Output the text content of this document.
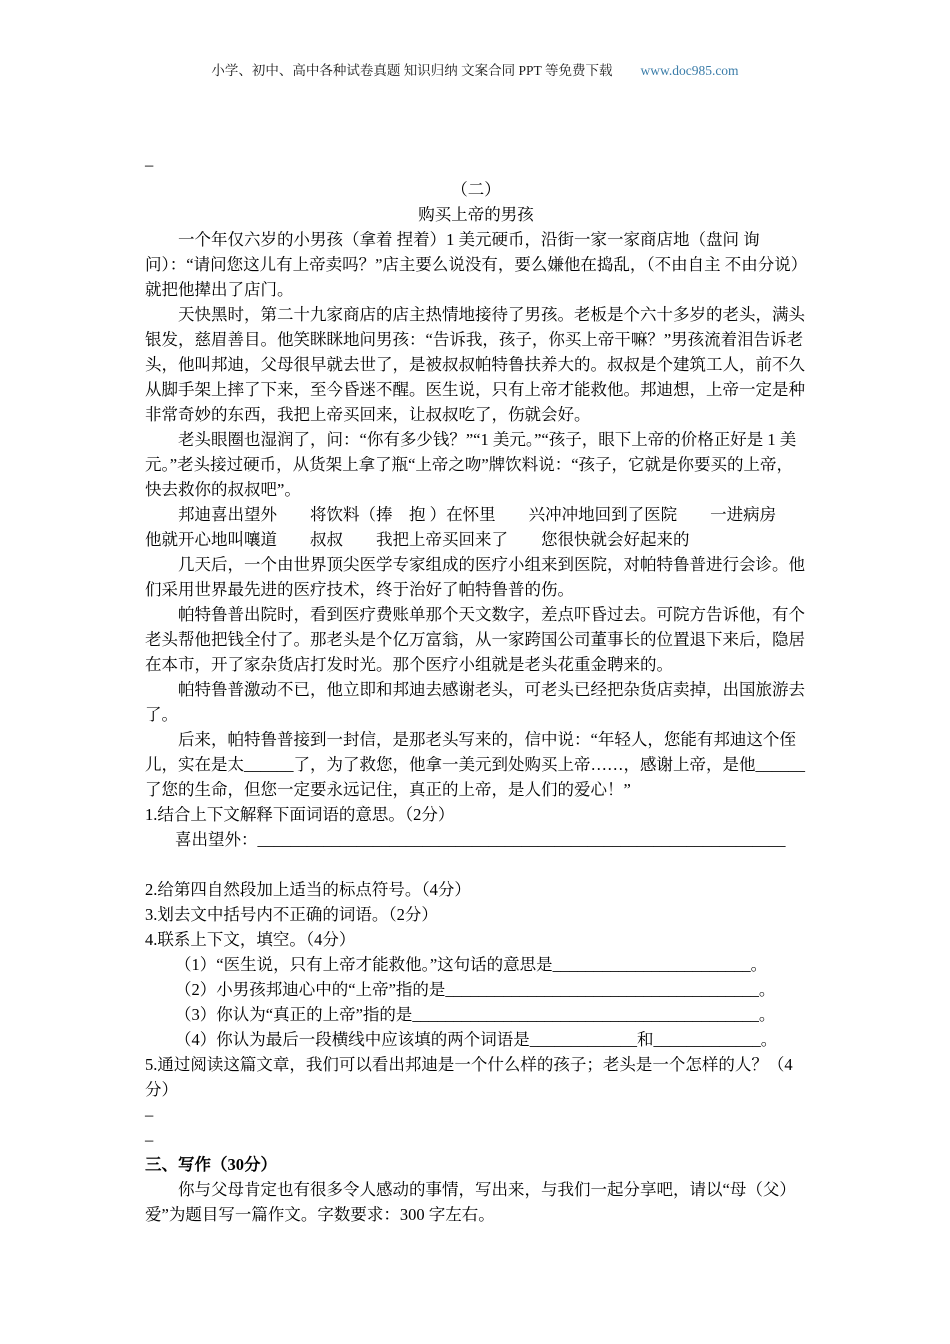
小学、初中、高中各种试卷真题 知识归纳 文案合同 PPT 等免费下载 www.doc985.com
–
（二）
购买上帝的男孩

一个年仅六岁的小男孩（拿着 捏着）1 美元硬币，沿街一家一家商店地（盘问 询问）：“请问您这儿有上帝卖吗？”店主要么说没有，要么嫌他在捣乱，（不由自主 不由分说）就把他撵出了店门。

天快黑时，第二十九家商店的店主热情地接待了男孩。老板是个六十多岁的老头，满头银发，慈眉善目。他笑眯眯地问男孩：“告诉我，孩子，你买上帝干嘛？”男孩流着泪告诉老头，他叫邦迪，父母很早就去世了，是被叔叔帕特鲁扶养大的。叔叔是个建筑工人，前不久从脚手架上摔了下来，至今昏迷不醒。医生说，只有上帝才能救他。邦迪想，上帝一定是种非常奇妙的东西，我把上帝买回来，让叔叔吃了，伤就会好。

老头眼圈也湿润了，问：“你有多少钱？”“1 美元。”“孩子，眼下上帝的价格正好是 1 美元。”老头接过硬币，从货架上拿了瓶“上帝之吻”牌饮料说：“孩子，它就是你要买的上帝，快去救你的叔叔吧”。

邦迪喜出望外　　将饮料（捧　抱 ）在怀里　　兴冲冲地回到了医院　　一进病房　　他就开心地叫嚷道　　叔叔　　我把上帝买回来了　　您很快就会好起来的

几天后，一个由世界顶尖医学专家组成的医疗小组来到医院，对帕特鲁普进行会诊。他们采用世界最先进的医疗技术，终于治好了帕特鲁普的伤。

帕特鲁普出院时，看到医疗费账单那个天文数字，差点吓昏过去。可院方告诉他，有个老头帮他把钱全付了。那老头是个亿万富翁，从一家跨国公司董事长的位置退下来后，隐居在本市，开了家杂货店打发时光。那个医疗小组就是老头花重金聘来的。

帕特鲁普激动不已，他立即和邦迪去感谢老头，可老头已经把杂货店卖掉，出国旅游去了。

后来，帕特鲁普接到一封信，是那老头写来的，信中说：“年轻人，您能有邦迪这个侄儿，实在是太______了，为了救您，他拿一美元到处购买上帝……，感谢上帝，是他______了您的生命，但您一定要永远记住，真正的上帝，是人们的爱心！”

1.结合上下文解释下面词语的意思。（2分）
喜出望外：________________________________________________________________
2.给第四自然段加上适当的标点符号。（4分）
3.划去文中括号内不正确的词语。（2分）
4.联系上下文，填空。（4分）
（1）“医生说，只有上帝才能救他。”这句话的意思是________________________。
（2）小男孩邦迪心中的“上帝”指的是______________________________________。
（3）你认为“真正的上帝”指的是__________________________________________。
（4）你认为最后一段横线中应该填的两个词语是_____________和_____________。
5.通过阅读这篇文章，我们可以看出邦迪是一个什么样的孩子；老头是一个怎样的人？（4分）
–
–
三、写作（30分）

你与父母肯定也有很多令人感动的事情，写出来，与我们一起分享吧，请以“母（父）爱”为题目写一篇作文。字数要求：300 字左右。
